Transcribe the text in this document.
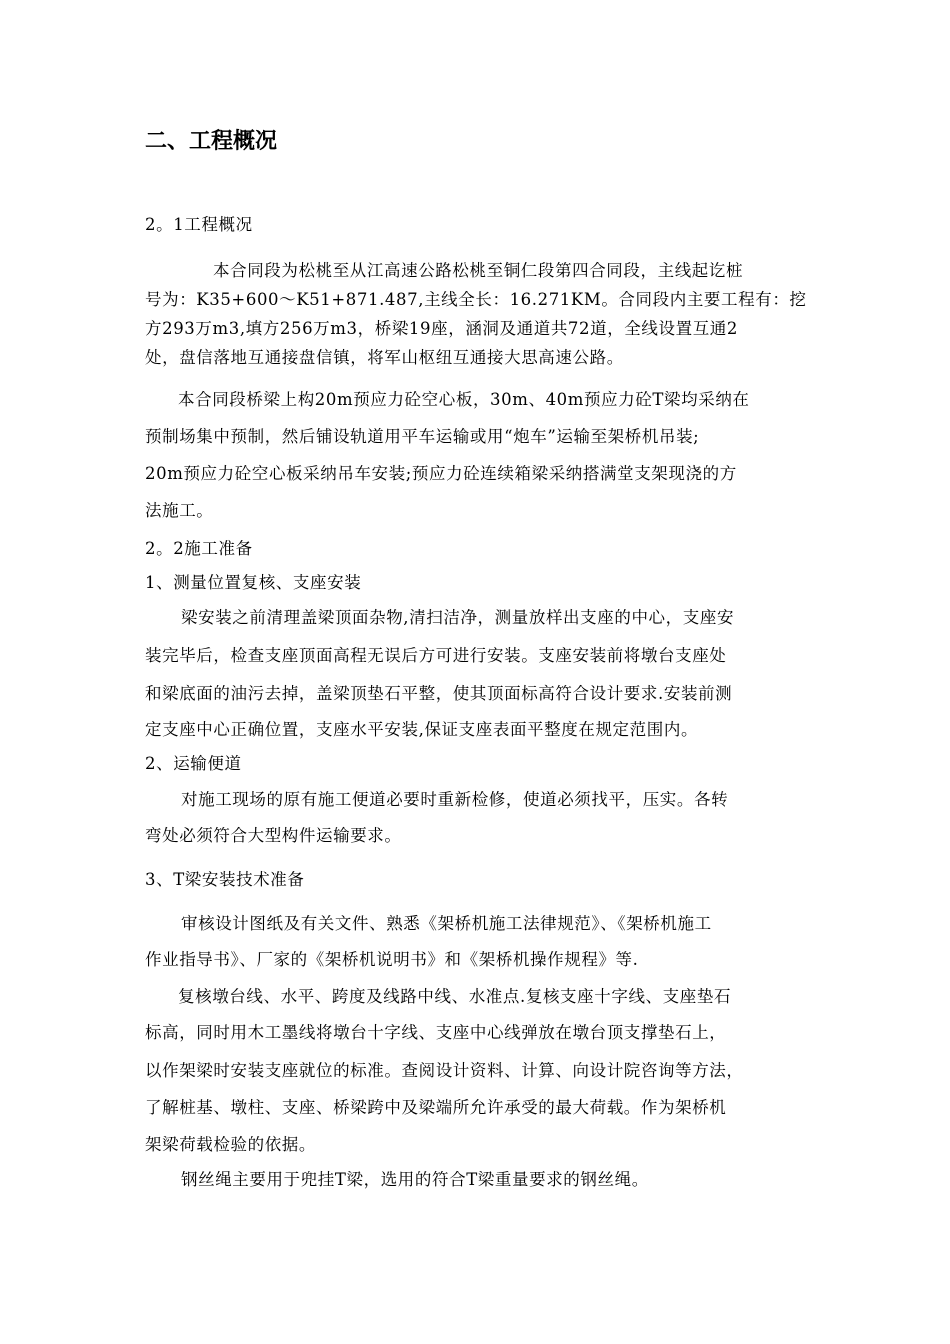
二、工程概况
2。1工程概况
本合同段为松桃至从江高速公路松桃至铜仁段第四合同段，主线起讫桩
号为：K35+600～K51+871.487,主线全长：16.271KM。合同段内主要工程有：挖
方293万m3,填方256万m3，桥梁19座，涵洞及通道共72道，全线设置互通2
处，盘信落地互通接盘信镇，将军山枢纽互通接大思高速公路。
本合同段桥梁上构20m预应力砼空心板，30m、40m预应力砼T梁均采纳在
预制场集中预制，然后铺设轨道用平车运输或用“炮车”运输至架桥机吊装;
20m预应力砼空心板采纳吊车安装;预应力砼连续箱梁采纳搭满堂支架现浇的方
法施工。
2。2施工准备
1、测量位置复核、支座安装
梁安装之前清理盖梁顶面杂物,清扫洁净，测量放样出支座的中心，支座安
装完毕后，检查支座顶面高程无误后方可进行安装。支座安装前将墩台支座处
和梁底面的油污去掉，盖梁顶垫石平整，使其顶面标高符合设计要求.安装前测
定支座中心正确位置，支座水平安装,保证支座表面平整度在规定范围内。
2、运输便道
对施工现场的原有施工便道必要时重新检修，使道必须找平，压实。各转
弯处必须符合大型构件运输要求。
3、T梁安装技术准备
审核设计图纸及有关文件、熟悉《架桥机施工法律规范》、《架桥机施工
作业指导书》、厂家的《架桥机说明书》和《架桥机操作规程》等.
复核墩台线、水平、跨度及线路中线、水准点.复核支座十字线、支座垫石
标高，同时用木工墨线将墩台十字线、支座中心线弹放在墩台顶支撑垫石上，
以作架梁时安装支座就位的标准。查阅设计资料、计算、向设计院咨询等方法，
了解桩基、墩柱、支座、桥梁跨中及梁端所允许承受的最大荷载。作为架桥机
架梁荷载检验的依据。
钢丝绳主要用于兜挂T梁，选用的符合T梁重量要求的钢丝绳。
